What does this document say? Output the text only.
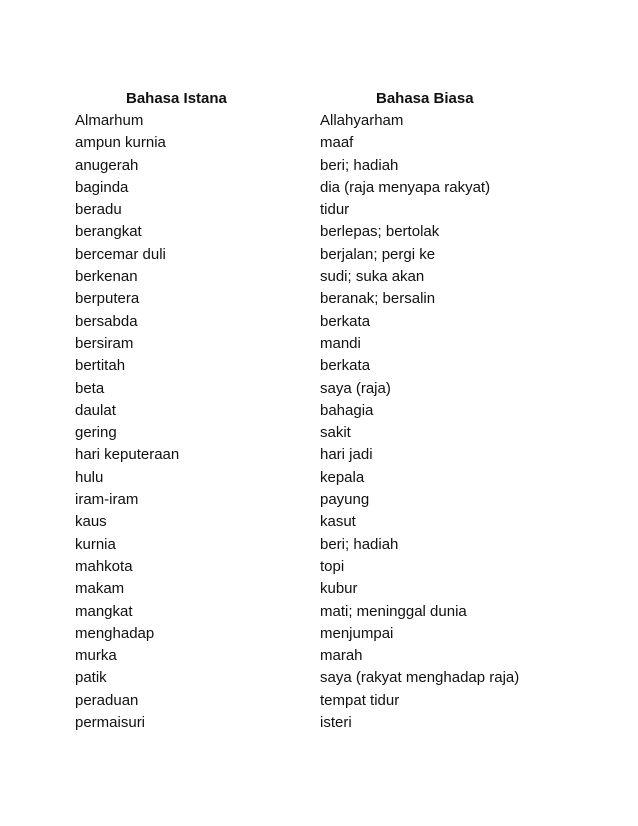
Bahasa Istana	Bahasa Biasa
Almarhum	Allahyarham
ampun kurnia	maaf
anugerah	beri; hadiah
baginda	dia (raja menyapa rakyat)
beradu	tidur
berangkat	berlepas; bertolak
bercemar duli	berjalan; pergi ke
berkenan	sudi; suka akan
berputera	beranak; bersalin
bersabda	berkata
bersiram	mandi
bertitah	berkata
beta	saya (raja)
daulat	bahagia
gering	sakit
hari keputeraan	hari jadi
hulu	kepala
iram-iram	payung
kaus	kasut
kurnia	beri; hadiah
mahkota	topi
makam	kubur
mangkat	mati; meninggal dunia
menghadap	menjumpai
murka	marah
patik	saya (rakyat menghadap raja)
peraduan	tempat tidur
permaisuri	isteri
